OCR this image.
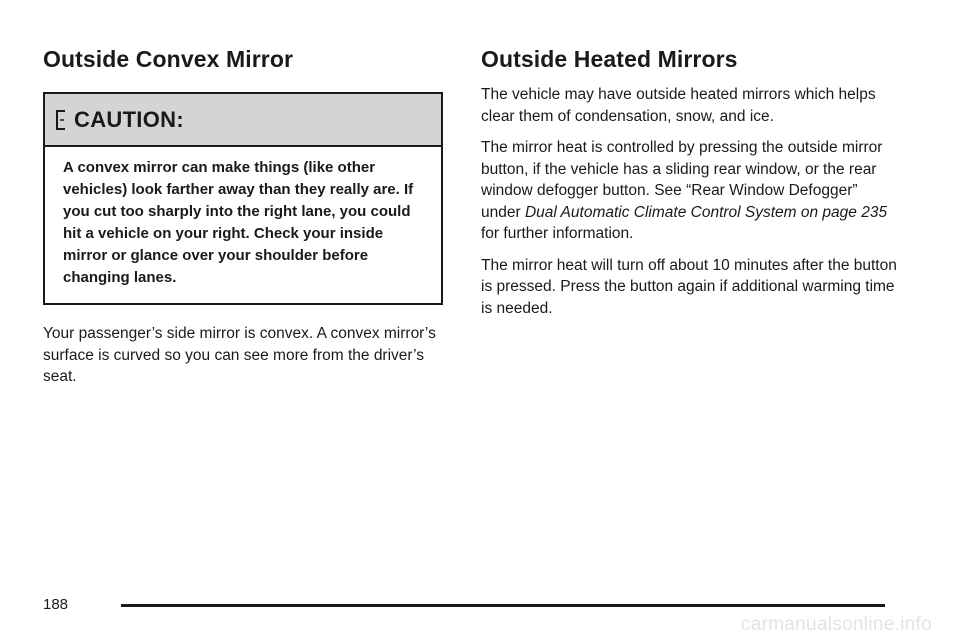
Outside Convex Mirror
CAUTION:
A convex mirror can make things (like other vehicles) look farther away than they really are. If you cut too sharply into the right lane, you could hit a vehicle on your right. Check your inside mirror or glance over your shoulder before changing lanes.

Your passenger’s side mirror is convex. A convex mirror’s surface is curved so you can see more from the driver’s seat.

Outside Heated Mirrors

The vehicle may have outside heated mirrors which helps clear them of condensation, snow, and ice.

The mirror heat is controlled by pressing the outside mirror button, if the vehicle has a sliding rear window, or the rear window defogger button. See “Rear Window Defogger” under Dual Automatic Climate Control System on page 235 for further information.

The mirror heat will turn off about 10 minutes after the button is pressed. Press the button again if additional warming time is needed.

188
carmanualsonline.info
